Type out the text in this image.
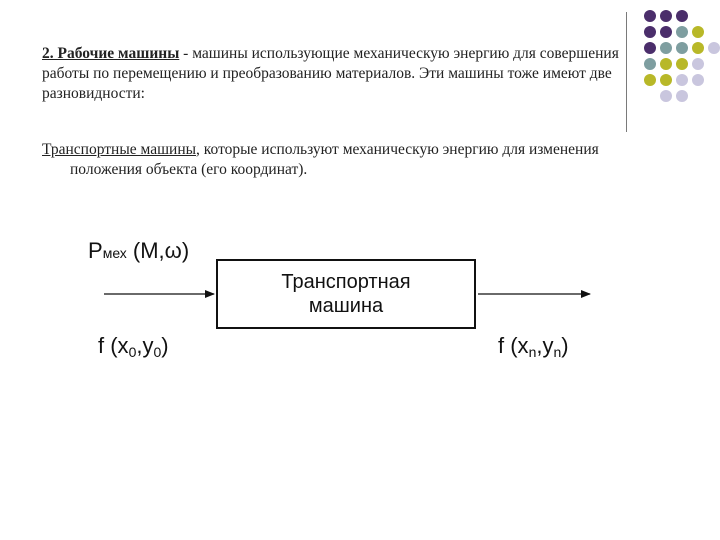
2. Рабочие машины - машины использующие механическую энергию для совершения работы по перемещению и преобразованию материалов. Эти машины тоже имеют две разновидности:

Транспортные машины, которые используют механическую энергию для изменения положения объекта (его координат).

Pмех (M,ω)
Транспортная
машина
f (x0,y0)	f (xn,yn)
